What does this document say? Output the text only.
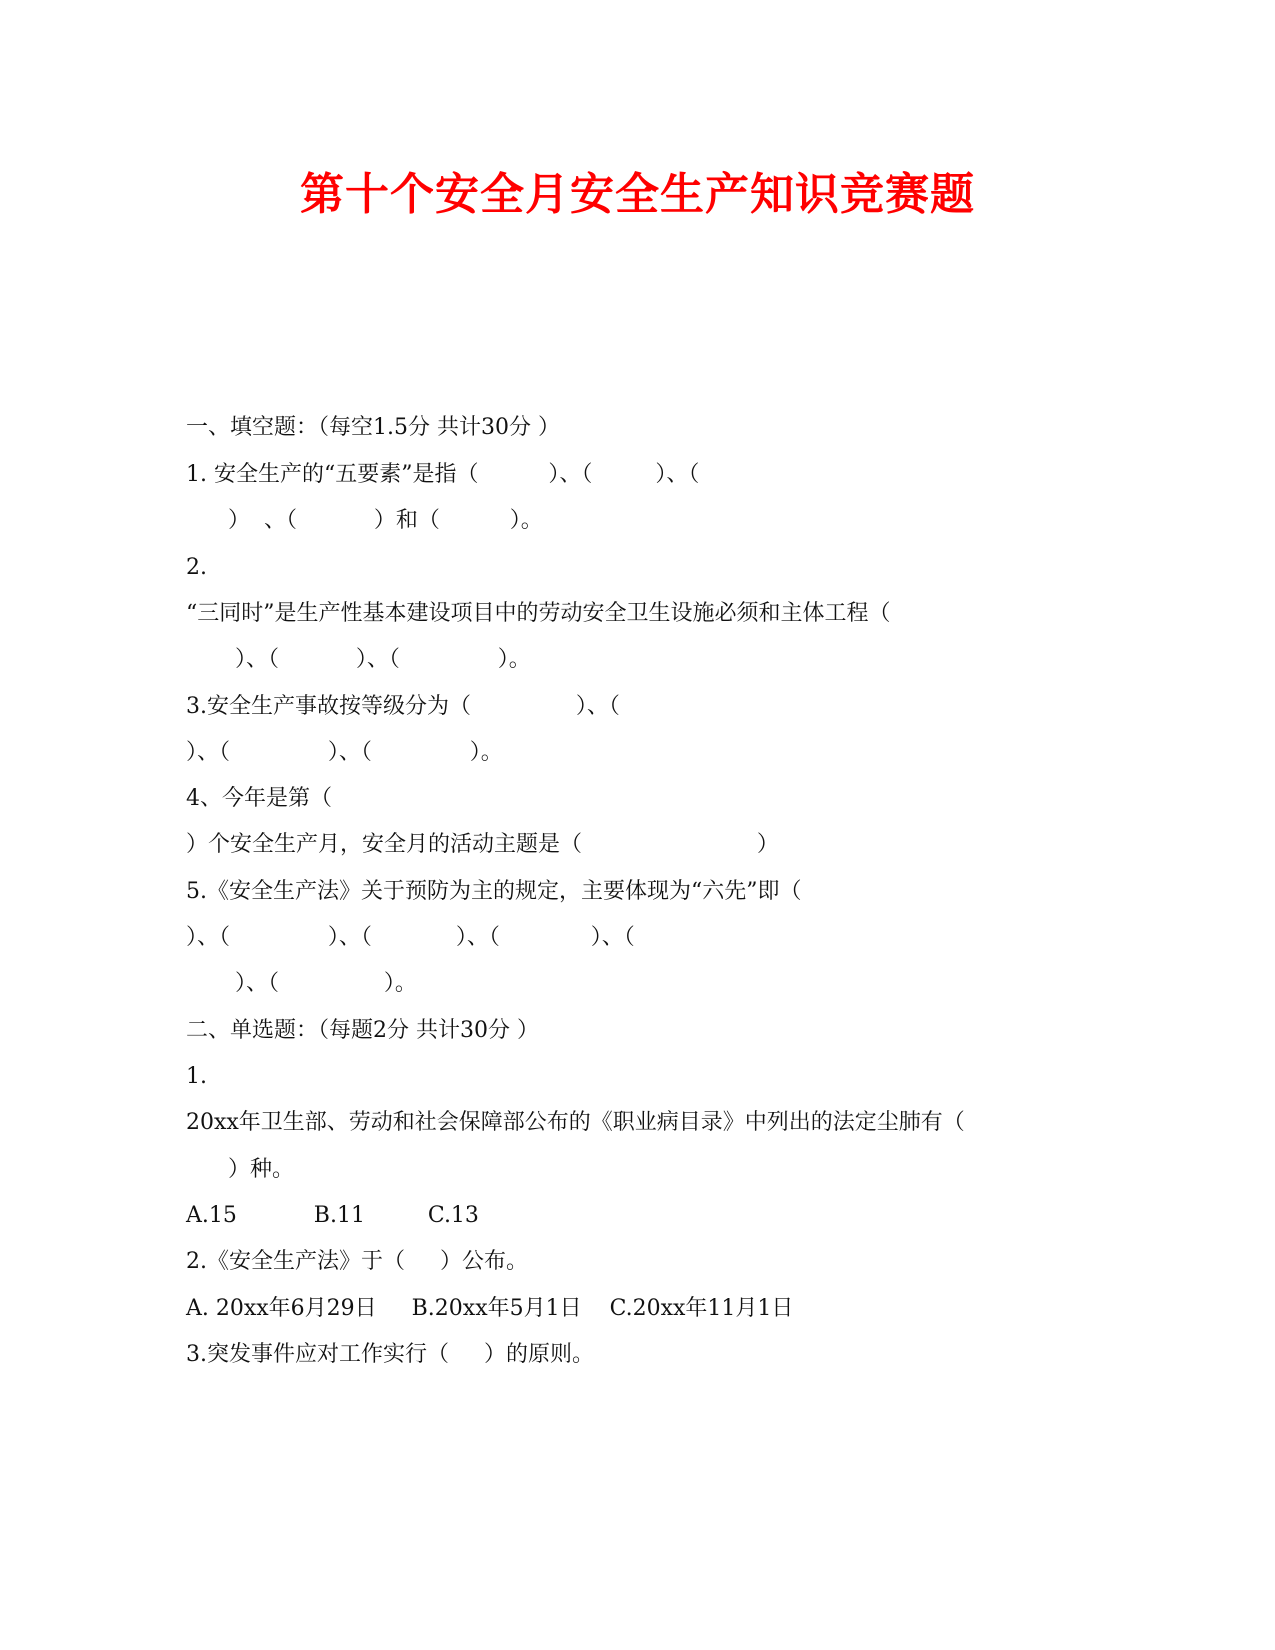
第十个安全月安全生产知识竞赛题

一、填空题：（每空1.5分 共计30分 ）

1. 安全生产的“五要素”是指（          ）、（         ）、（

）  、（           ）和（          ）。

2.

“三同时”是生产性基本建设项目中的劳动安全卫生设施必须和主体工程（

）、（           ）、（              ）。

3.安全生产事故按等级分为（               ）、（

）、（              ）、（              ）。

4、今年是第（

）个安全生产月，安全月的活动主题是（                         ）

5.《安全生产法》关于预防为主的规定，主要体现为“六先”即（

）、（              ）、（            ）、（             ）、（

）、（               ）。

二、单选题：（每题2分 共计30分 ）

1.

20xx年卫生部、劳动和社会保障部公布的《职业病目录》中列出的法定尘肺有（

）种。

A.15           B.11         C.13

2.《安全生产法》于（     ）公布。

A. 20xx年6月29日     B.20xx年5月1日    C.20xx年11月1日

3.突发事件应对工作实行（     ）的原则。
